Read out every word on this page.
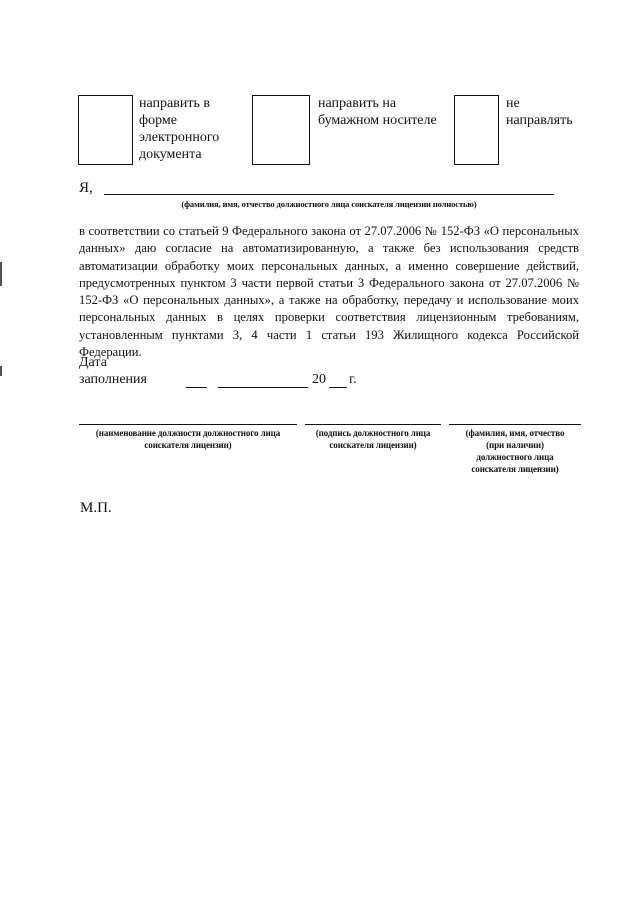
направить в
форме
электронного
документа
направить на
бумажном носителе
не
направлять
Я,
(фамилия, имя, отчество должностного лица соискателя лицензии полностью)
в соответствии со статьей 9 Федерального закона от 27.07.2006 № 152-ФЗ «О персональных данных» даю согласие на автоматизированную, а также без использования средств автоматизации обработку моих персональных данных, а именно совершение действий, предусмотренных пунктом 3 части первой статьи 3 Федерального закона от 27.07.2006 № 152-ФЗ «О персональных данных», а также на обработку, передачу и использование моих персональных данных в целях проверки соответствия лицензионным требованиям, установленным пунктами 3, 4 части 1 статьи 193 Жилищного кодекса Российской Федерации.
Дата
заполнения	20 г.
(наименование должности должностного лица
соискателя лицензии)
(подпись должностного лица
соискателя лицензии)
(фамилия, имя, отчество
(при наличии)
должностного лица
соискателя лицензии)
М.П.
